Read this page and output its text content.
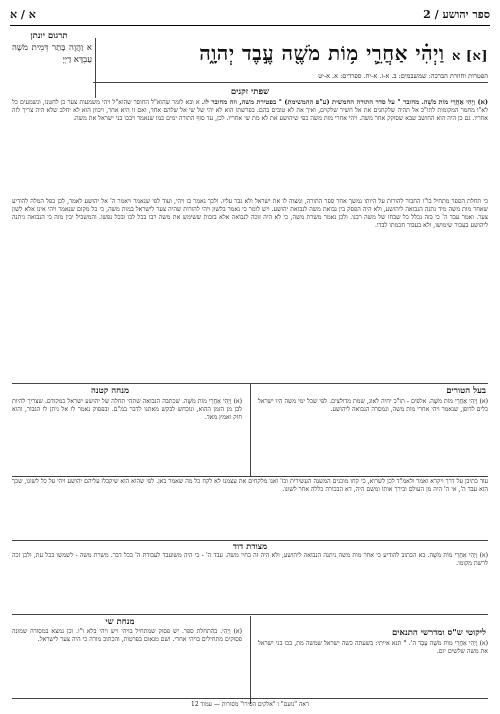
ספר יהושע / 2
א / א
תרגום יונתן
א וַהֲוָה בָּתַר דְּמִית מֹשֶׁה עַבְדָּא דַיְיָ	[א] א וַיְהִ֗י אַחֲרֵ֛י מ֥וֹת מֹשֶׁ֖ה עֶ֣בֶד יְהוָ֑ה
הפטרות וחוזרת הברכה: שמשבמים: ב. א-ז. א-יח. ספרדים: א. א-יט
שפתי זקנים
(א) וַיְהִי אַחֲרֵי מוֹת מֹשֶׁה. מחובר ° על סדר התורה החמשית (ע"פ ההמשימת) ° בפטירת משה, וזה מחובר לו. א ובא לומר שהוא"ל החוסר שהוא"ל ויהי משמעות צער כן לחטנו, ונשמעים כל לא"ו מחמר המקומות לתו"כ אל תהיה שלקחנים את אל חשיר שלקוים, ואיך את לא טובים בהם. בפרשתו הוא לא יהי של שי אל שלהם אחד, ואם זו היא אחר, ויכוון הוא לא יחלב שלא היה צריך לזה אחריו. גם כן היה הוא החושב שבא שסוקק אחר משה. ויהי אחרי מות משה כפי שיהושע את לא מת שי אחריו. לכן, עד סוף התורה ימים כמו שנאמר ויבכו בני ישראל את משה.
כי תחלת הספר מתחיל בו"ו החבור להורות על היותו נמשך אחר ספר התורה, ומצוה לו את ישראל ולא גבר עליו. ולכך נאמר בו ויהי, ועוד לפי שנאמר ויאמר ה' אל יהושע לאמר, לכן כפל המלה להודיע שאחר מות משה מיד נתנה הנבואה ליהושע, ולא היה הפסק בין נבואת משה לנבואת יהושע. ויש לומר כי נאמר בלשון ויהי להורות שהיה צער לישראל במות משה, כי כל מקום שנאמר ויהי אינו אלא לשון צער. ואמר עבד ה' כי בזה נכלל כל שבחו של משה רבנו. ולכן נאמר משרת משה, כי לא היה זוכה לנבואה אלא בזכות ששימש את משה רבו בכל לבו ובכל נפשו. והמשכיל יבין מזה כי הנבואה ניתנה ליהושע בעבור שימושו, ולא בעבור חכמתו לבדו.
בעל הטורים
מנחה קטנה
(א) וַיְהִי אַחֲרֵי מוֹת מֹשֶׁה. אלפים - תו"כ יחיה לאוג, שמת מדולצים. לפי שכל ימי משה היו ישראל כלים לדופן, שנאמר ויהי אחרי מות משה, ונמסרה הנבואה ליהושע.
(א) וַיְהִי אַחֲרֵי מוֹת מֹשֶׁה. שכתבה הנבואה שתהי תחלה של יהושע ישראל כמקודם. שצריך להיות לבן מן הזמן ההוא, ונוכחש לבקש מאתנו לדבר במ"ם. ובפסוק נאמר לו אל ניתן לו הגבור, והוא חזק ואמץ מאד.
עוד כתיבן על דרך ויקרא ואמר ולאמ"ד לכן לשרוא, כי קחו מוכנים המשנה העשירית וכו' ואנו מלקחים את עצמנו לא לקח כל מה שאמר כאן. לפי שהוא הוא שיקבלו עליהם יהושע ויהי על כל לשונו, שכך הוא עבד ה', אי ה' היה מן העולם ובירך אותו ומשם היה, דא הבכורה כללה אחר לשונו.
מצודת דוד
(א) וַיְהִי אַחֲרֵי מוֹת מֹשֶׁה. בא הכתוב להודיע כי אחר מות משה ניתנה הנבואה ליהושע, ולא היה זה בחיי משה. עבד ה' - כי היה משועבד לעבודת ה' בכל דבר. משרת משה - לשמשו בכל עת, ולכן זכה לרשת מקומו.
ליקוטי ש"ס ומדרשי התנאים
מנחת שי
(א) וַיְהִי אַחֲרֵי מוֹת מֹשֶׁה עֶבֶד ה'. ° תנא אייתי: בשעתה כשה ישראל שמשה מת, בכו בני ישראל את משה שלשים יום.
(א) וַיְהִי. בהתחלת ספר. יש פסוק שמתחיל בויהי ויש ויהי בלא ו"ו. וכן נמצא במסורה שמונה פסוקים מתחילים בויהי אחרי. ושם מנאום בפרטות, והכתוב מורה כי היה צער לישראל.
ראה "נועם" ו "אלקים הסירו" מסורות — עמוד 12
